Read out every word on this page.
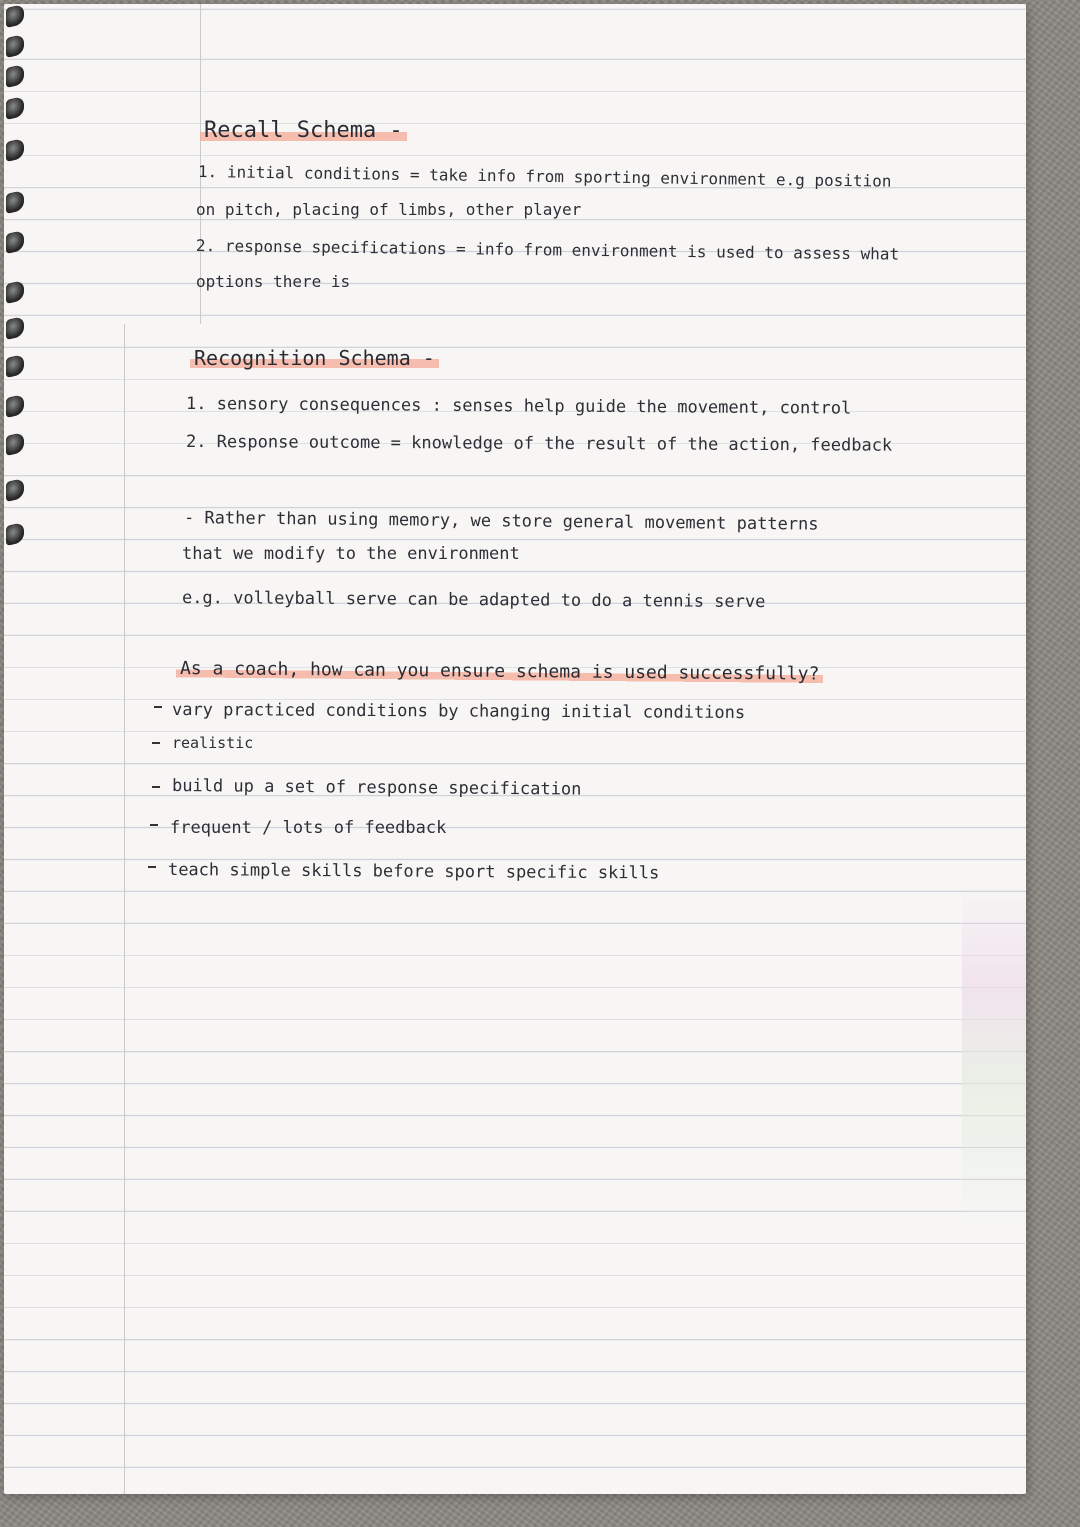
Recall Schema -
1. initial conditions = take info from sporting environment e.g position
on pitch, placing of limbs, other player
2. response specifications = info from environment is used to assess what
options there is
Recognition Schema -
1. sensory consequences : senses help guide the movement, control
2. Response outcome = knowledge of the result of the action, feedback
- Rather than using memory, we store general movement patterns
that we modify to the environment
e.g. volleyball serve can be adapted to do a tennis serve
As a coach, how can you ensure schema is used successfully?
vary practiced conditions by changing initial conditions
realistic
build up a set of response specification
frequent / lots of feedback
teach simple skills before sport specific skills
